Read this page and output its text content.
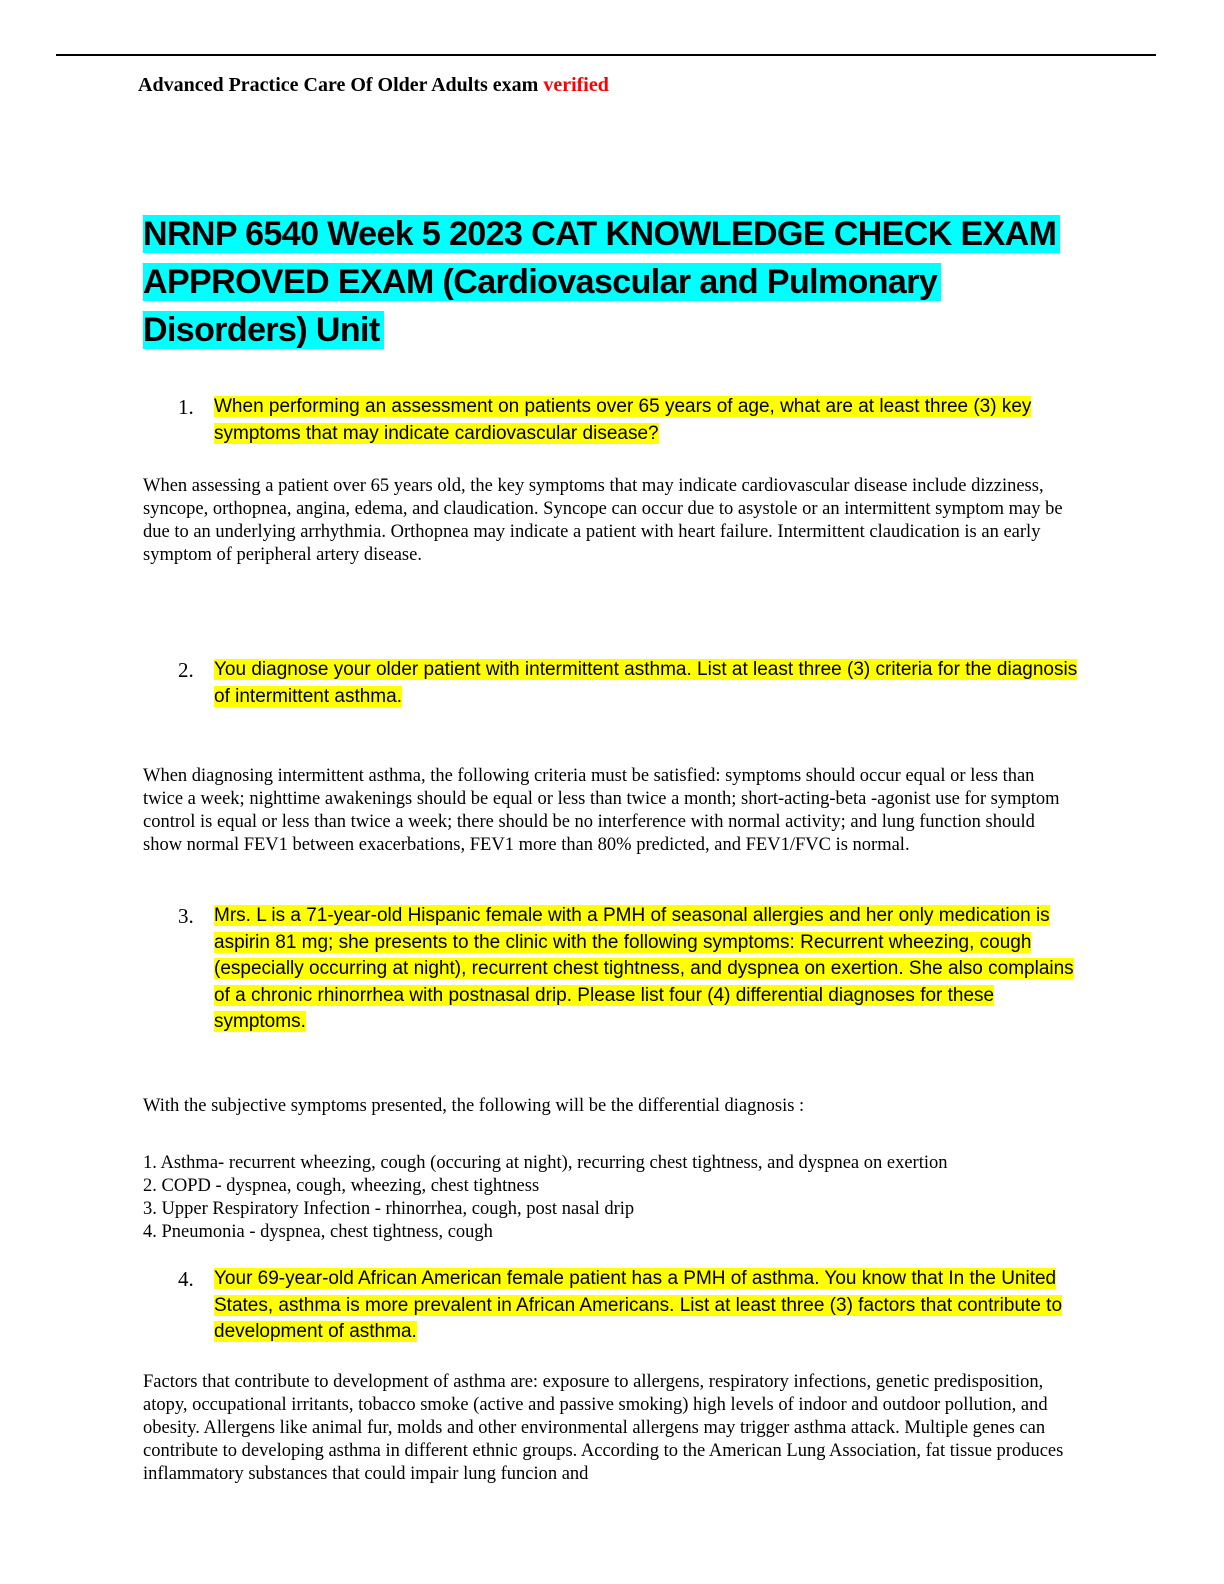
Advanced Practice Care Of Older Adults exam verified
NRNP 6540 Week 5 2023 CAT KNOWLEDGE CHECK EXAM
APPROVED EXAM (Cardiovascular and Pulmonary
Disorders) Unit
1.	When performing an assessment on patients over 65 years of age, what are at least three (3) key symptoms that may indicate cardiovascular disease?
When assessing a patient over 65 years old, the key symptoms that may indicate cardiovascular disease include dizziness, syncope, orthopnea, angina, edema, and claudication. Syncope can occur due to asystole or an intermittent symptom may be due to an underlying arrhythmia. Orthopnea may indicate a patient with heart failure. Intermittent claudication is an early symptom of peripheral artery disease.
2.	You diagnose your older patient with intermittent asthma. List at least three (3) criteria for the diagnosis of intermittent asthma.
When diagnosing intermittent asthma, the following criteria must be satisfied: symptoms should occur equal or less than twice a week; nighttime awakenings should be equal or less than twice a month; short-acting-beta -agonist use for symptom control is equal or less than twice a week; there should be no interference with normal activity; and lung function should show normal FEV1 between exacerbations, FEV1 more than 80% predicted, and FEV1/FVC is normal.
3.	Mrs. L is a 71-year-old Hispanic female with a PMH of seasonal allergies and her only medication is aspirin 81 mg; she presents to the clinic with the following symptoms: Recurrent wheezing, cough (especially occurring at night), recurrent chest tightness, and dyspnea on exertion. She also complains of a chronic rhinorrhea with postnasal drip. Please list four (4) differential diagnoses for these symptoms.
With the subjective symptoms presented, the following will be the differential diagnosis :
1. Asthma- recurrent wheezing, cough (occuring at night), recurring chest tightness, and dyspnea on exertion
2. COPD - dyspnea, cough, wheezing, chest tightness
3. Upper Respiratory Infection - rhinorrhea, cough, post nasal drip
4. Pneumonia - dyspnea, chest tightness, cough
4.	Your 69-year-old African American female patient has a PMH of asthma. You know that In the United States, asthma is more prevalent in African Americans. List at least three (3) factors that contribute to development of asthma.
Factors that contribute to development of asthma are: exposure to allergens, respiratory infections, genetic predisposition, atopy, occupational irritants, tobacco smoke (active and passive smoking) high levels of indoor and outdoor pollution, and obesity. Allergens like animal fur, molds and other environmental allergens may trigger asthma attack. Multiple genes can contribute to developing asthma in different ethnic groups. According to the American Lung Association, fat tissue produces inflammatory substances that could impair lung funcion and
